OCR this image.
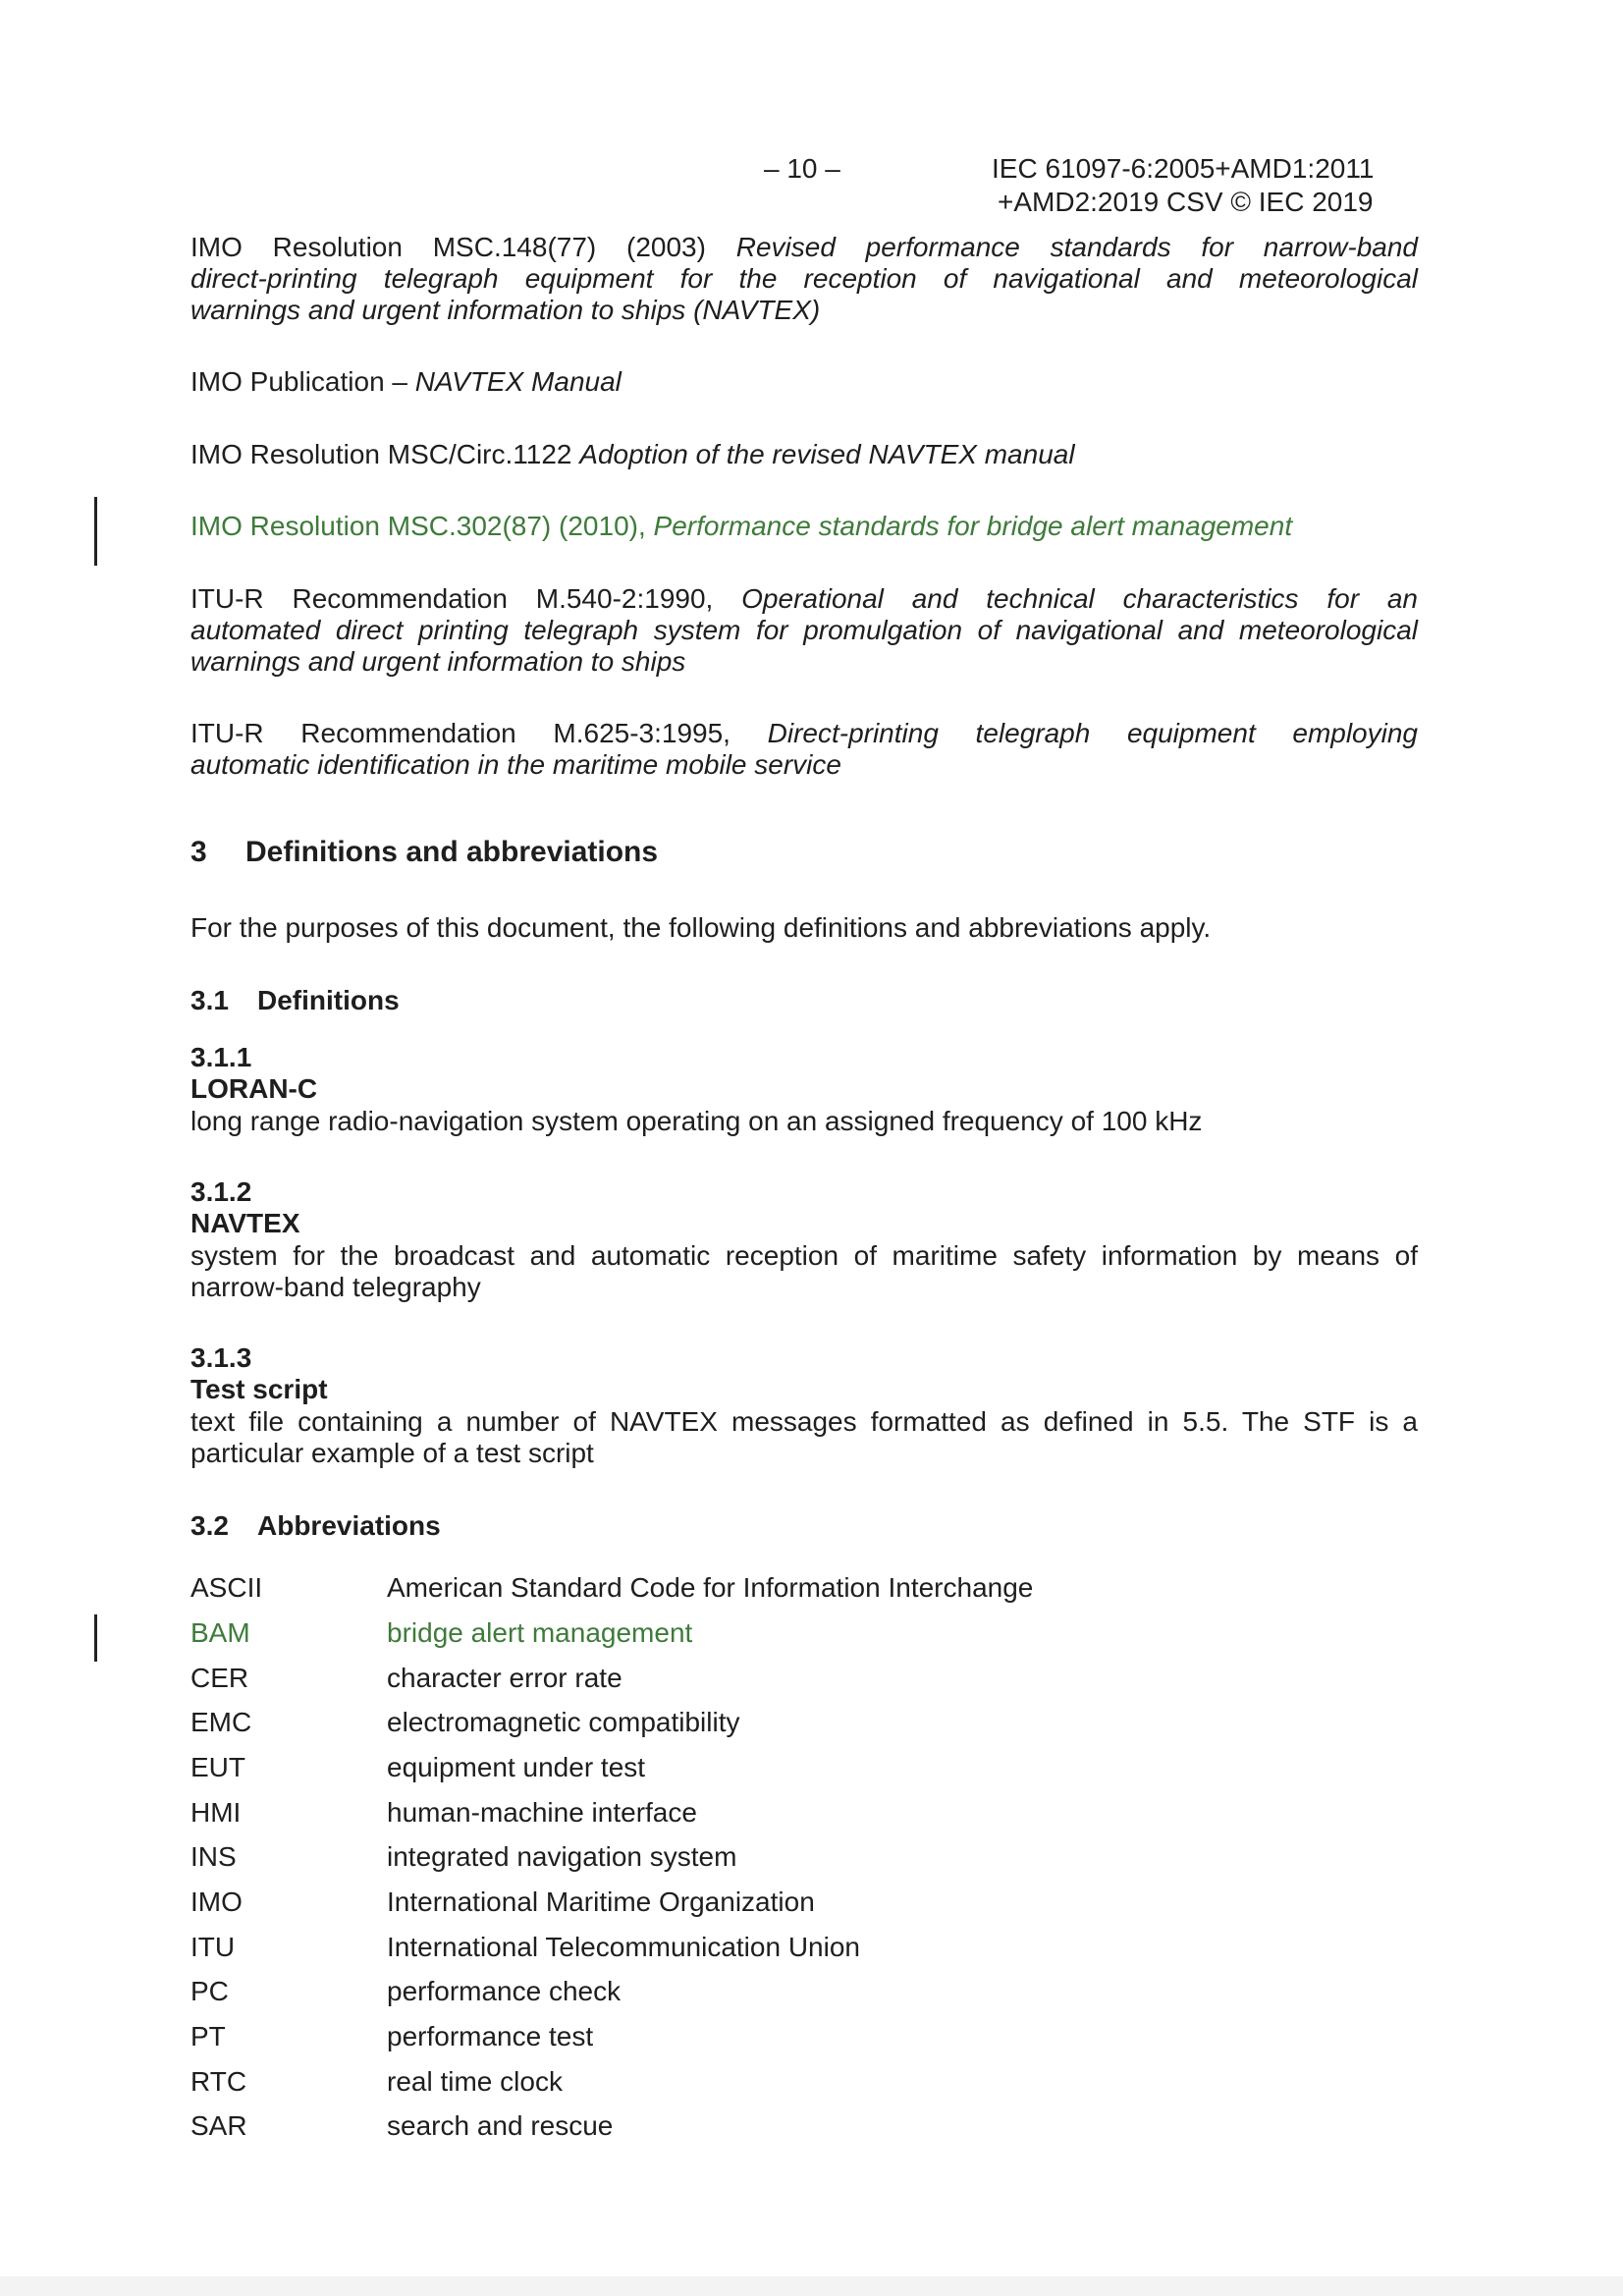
– 10 –	IEC 61097-6:2005+AMD1:2011
+AMD2:2019 CSV © IEC 2019
IMO Resolution MSC.148(77) (2003) Revised performance standards for narrow-band
direct-printing telegraph equipment for the reception of navigational and meteorological
warnings and urgent information to ships (NAVTEX)
IMO Publication – NAVTEX Manual
IMO Resolution MSC/Circ.1122 Adoption of the revised NAVTEX manual
IMO Resolution MSC.302(87) (2010), Performance standards for bridge alert management
ITU-R Recommendation M.540-2:1990, Operational and technical characteristics for an
automated direct printing telegraph system for promulgation of navigational and meteorological
warnings and urgent information to ships
ITU-R Recommendation M.625-3:1995, Direct-printing telegraph equipment employing
automatic identification in the maritime mobile service
3 Definitions and abbreviations
For the purposes of this document, the following definitions and abbreviations apply.
3.1 Definitions
3.1.1
LORAN-C
long range radio-navigation system operating on an assigned frequency of 100 kHz
3.1.2
NAVTEX
system for the broadcast and automatic reception of maritime safety information by means of
narrow-band telegraphy
3.1.3
Test script
text file containing a number of NAVTEX messages formatted as defined in 5.5. The STF is a
particular example of a test script
3.2 Abbreviations
ASCII	American Standard Code for Information Interchange
BAM	bridge alert management
CER	character error rate
EMC	electromagnetic compatibility
EUT	equipment under test
HMI	human-machine interface
INS	integrated navigation system
IMO	International Maritime Organization
ITU	International Telecommunication Union
PC	performance check
PT	performance test
RTC	real time clock
SAR	search and rescue
